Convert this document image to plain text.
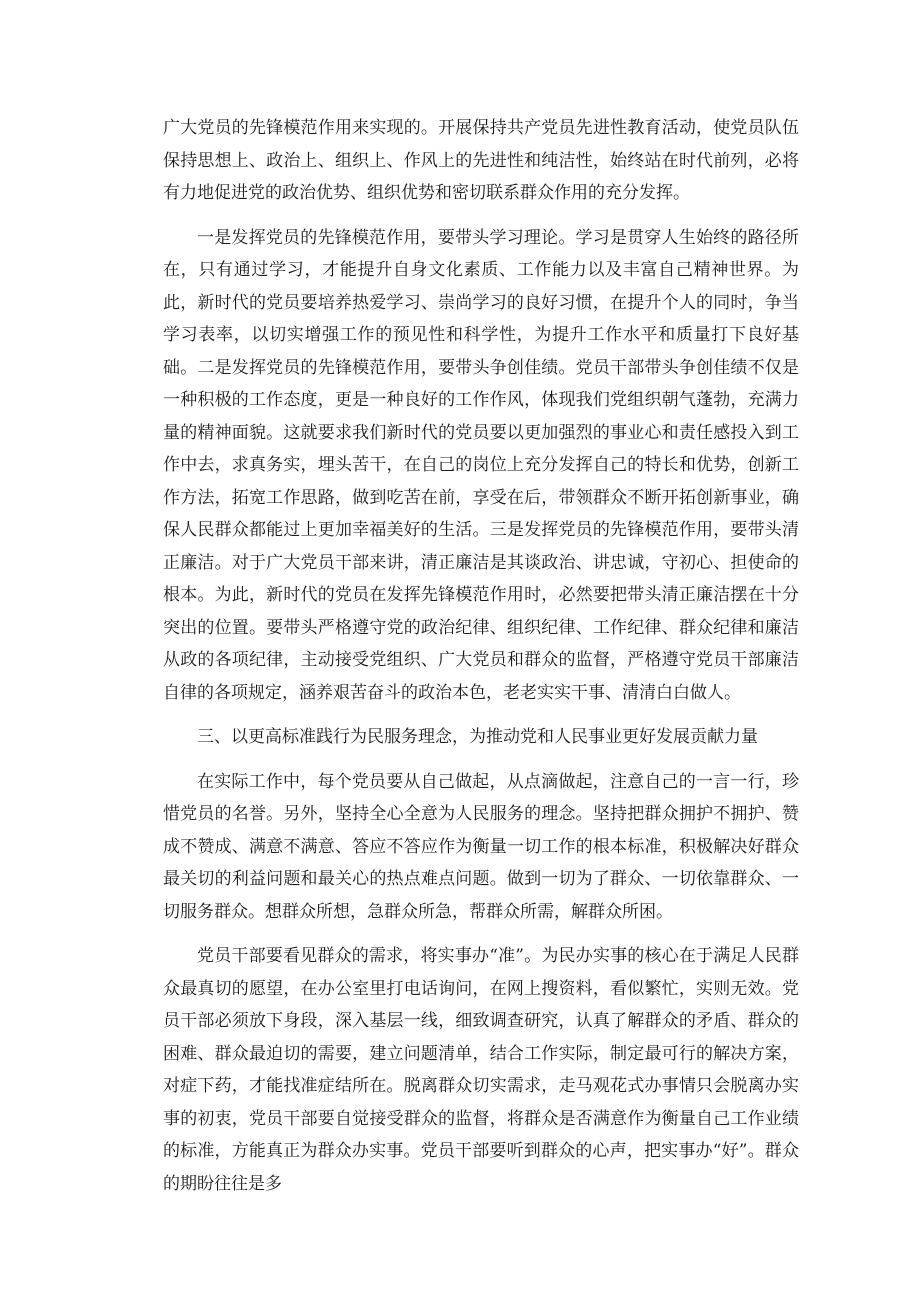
广大党员的先锋模范作用来实现的。开展保持共产党员先进性教育活动，使党员队伍保持思想上、政治上、组织上、作风上的先进性和纯洁性，始终站在时代前列，必将有力地促进党的政治优势、组织优势和密切联系群众作用的充分发挥。

一是发挥党员的先锋模范作用，要带头学习理论。学习是贯穿人生始终的路径所在，只有通过学习，才能提升自身文化素质、工作能力以及丰富自己精神世界。为此，新时代的党员要培养热爱学习、崇尚学习的良好习惯，在提升个人的同时，争当学习表率，以切实增强工作的预见性和科学性，为提升工作水平和质量打下良好基础。二是发挥党员的先锋模范作用，要带头争创佳绩。党员干部带头争创佳绩不仅是一种积极的工作态度，更是一种良好的工作作风，体现我们党组织朝气蓬勃，充满力量的精神面貌。这就要求我们新时代的党员要以更加强烈的事业心和责任感投入到工作中去，求真务实，埋头苦干，在自己的岗位上充分发挥自己的特长和优势，创新工作方法，拓宽工作思路，做到吃苦在前，享受在后，带领群众不断开拓创新事业，确保人民群众都能过上更加幸福美好的生活。三是发挥党员的先锋模范作用，要带头清正廉洁。对于广大党员干部来讲，清正廉洁是其谈政治、讲忠诚，守初心、担使命的根本。为此，新时代的党员在发挥先锋模范作用时，必然要把带头清正廉洁摆在十分突出的位置。要带头严格遵守党的政治纪律、组织纪律、工作纪律、群众纪律和廉洁从政的各项纪律，主动接受党组织、广大党员和群众的监督，严格遵守党员干部廉洁自律的各项规定，涵养艰苦奋斗的政治本色，老老实实干事、清清白白做人。

三、以更高标准践行为民服务理念，为推动党和人民事业更好发展贡献力量

在实际工作中，每个党员要从自己做起，从点滴做起，注意自己的一言一行，珍惜党员的名誉。另外，坚持全心全意为人民服务的理念。坚持把群众拥护不拥护、赞成不赞成、满意不满意、答应不答应作为衡量一切工作的根本标准，积极解决好群众最关切的利益问题和最关心的热点难点问题。做到一切为了群众、一切依靠群众、一切服务群众。想群众所想，急群众所急，帮群众所需，解群众所困。

党员干部要看见群众的需求，将实事办“准”。为民办实事的核心在于满足人民群众最真切的愿望，在办公室里打电话询问，在网上搜资料，看似繁忙，实则无效。党员干部必须放下身段，深入基层一线，细致调查研究，认真了解群众的矛盾、群众的困难、群众最迫切的需要，建立问题清单，结合工作实际，制定最可行的解决方案，对症下药，才能找准症结所在。脱离群众切实需求，走马观花式办事情只会脱离办实事的初衷，党员干部要自觉接受群众的监督，将群众是否满意作为衡量自己工作业绩的标准，方能真正为群众办实事。党员干部要听到群众的心声，把实事办“好”。群众的期盼往往是多
